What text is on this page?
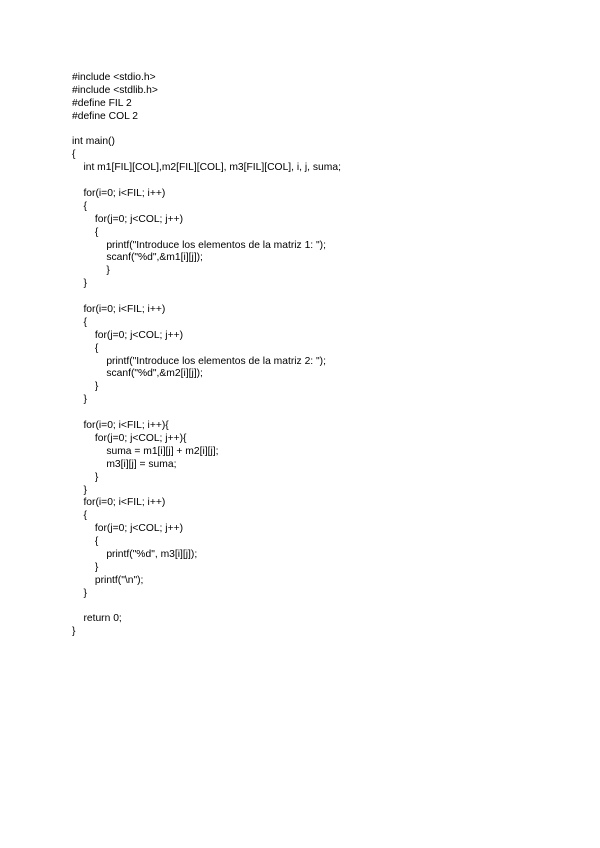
#include <stdio.h>
#include <stdlib.h>
#define FIL 2
#define COL 2
int main()
{
int m1[FIL][COL],m2[FIL][COL], m3[FIL][COL], i, j, suma;
for(i=0; i<FIL; i++)
{
for(j=0; j<COL; j++)
{
printf("Introduce los elementos de la matriz 1: ");
scanf("%d",&m1[i][j]);
}
}
for(i=0; i<FIL; i++)
{
for(j=0; j<COL; j++)
{
printf("Introduce los elementos de la matriz 2: ");
scanf("%d",&m2[i][j]);
}
}
for(i=0; i<FIL; i++){
for(j=0; j<COL; j++){
suma = m1[i][j] + m2[i][j];
m3[i][j] = suma;
}
}
for(i=0; i<FIL; i++)
{
for(j=0; j<COL; j++)
{
printf("%d", m3[i][j]);
}
printf("\n");
}
return 0;
}
